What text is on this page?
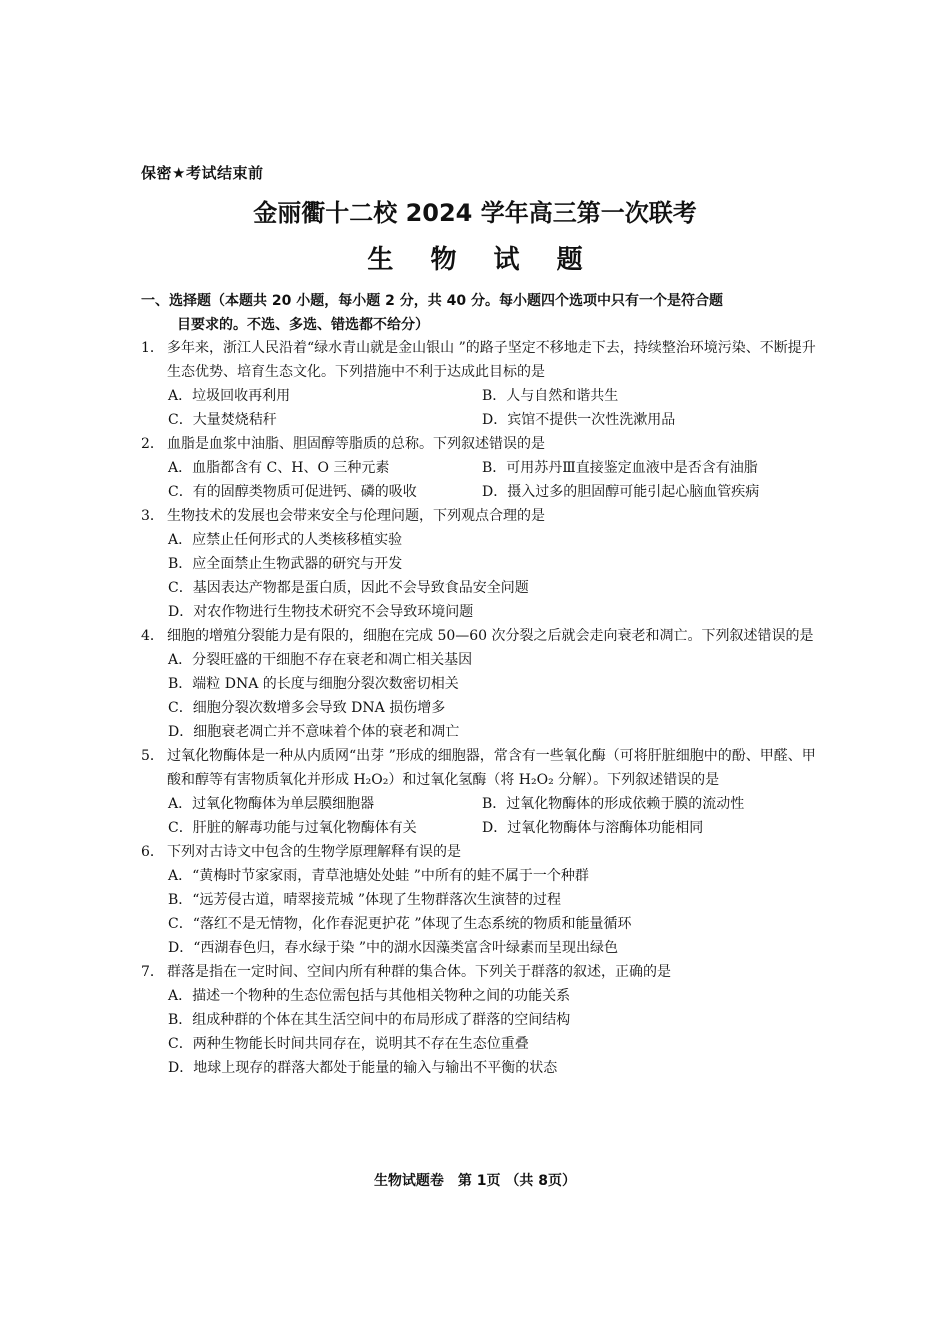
保密★考试结束前
金丽衢十二校 2024 学年高三第一次联考
生 物 试 题
一、选择题（本题共 20 小题，每小题 2 分，共 40 分。每小题四个选项中只有一个是符合题
目要求的。不选、多选、错选都不给分）
1． 多年来，浙江人民沿着“绿水青山就是金山银山 ”的路子坚定不移地走下去，持续整治环境污染、不断提升生态优势、培育生态文化。下列措施中不利于达成此目标的是
A．垃圾回收再利用	B．人与自然和谐共生
C．大量焚烧秸秆	D．宾馆不提供一次性洗漱用品
2． 血脂是血浆中油脂、胆固醇等脂质的总称。下列叙述错误的是
A．血脂都含有 C、H、O 三种元素	B．可用苏丹Ⅲ直接鉴定血液中是否含有油脂
C．有的固醇类物质可促进钙、磷的吸收	D．摄入过多的胆固醇可能引起心脑血管疾病
3． 生物技术的发展也会带来安全与伦理问题，下列观点合理的是
A．应禁止任何形式的人类核移植实验
B．应全面禁止生物武器的研究与开发
C．基因表达产物都是蛋白质，因此不会导致食品安全问题
D．对农作物进行生物技术研究不会导致环境问题
4． 细胞的增殖分裂能力是有限的，细胞在完成 50—60 次分裂之后就会走向衰老和凋亡。下列叙述错误的是
A．分裂旺盛的干细胞不存在衰老和凋亡相关基因
B．端粒 DNA 的长度与细胞分裂次数密切相关
C．细胞分裂次数增多会导致 DNA 损伤增多
D．细胞衰老凋亡并不意味着个体的衰老和凋亡
5． 过氧化物酶体是一种从内质网“出芽 ”形成的细胞器，常含有一些氧化酶（可将肝脏细胞中的酚、甲醛、甲酸和醇等有害物质氧化并形成 H₂O₂）和过氧化氢酶（将 H₂O₂ 分解）。下列叙述错误的是
A．过氧化物酶体为单层膜细胞器	B．过氧化物酶体的形成依赖于膜的流动性
C．肝脏的解毒功能与过氧化物酶体有关	D．过氧化物酶体与溶酶体功能相同
6． 下列对古诗文中包含的生物学原理解释有误的是
A．“黄梅时节家家雨，青草池塘处处蛙 ”中所有的蛙不属于一个种群
B．“远芳侵古道，晴翠接荒城 ”体现了生物群落次生演替的过程
C．“落红不是无情物，化作春泥更护花 ”体现了生态系统的物质和能量循环
D．“西湖春色归，春水绿于染 ”中的湖水因藻类富含叶绿素而呈现出绿色
7． 群落是指在一定时间、空间内所有种群的集合体。下列关于群落的叙述，正确的是
A．描述一个物种的生态位需包括与其他相关物种之间的功能关系
B．组成种群的个体在其生活空间中的布局形成了群落的空间结构
C．两种生物能长时间共同存在，说明其不存在生态位重叠
D．地球上现存的群落大都处于能量的输入与输出不平衡的状态
生物试题卷　第 1页 （共 8页）
